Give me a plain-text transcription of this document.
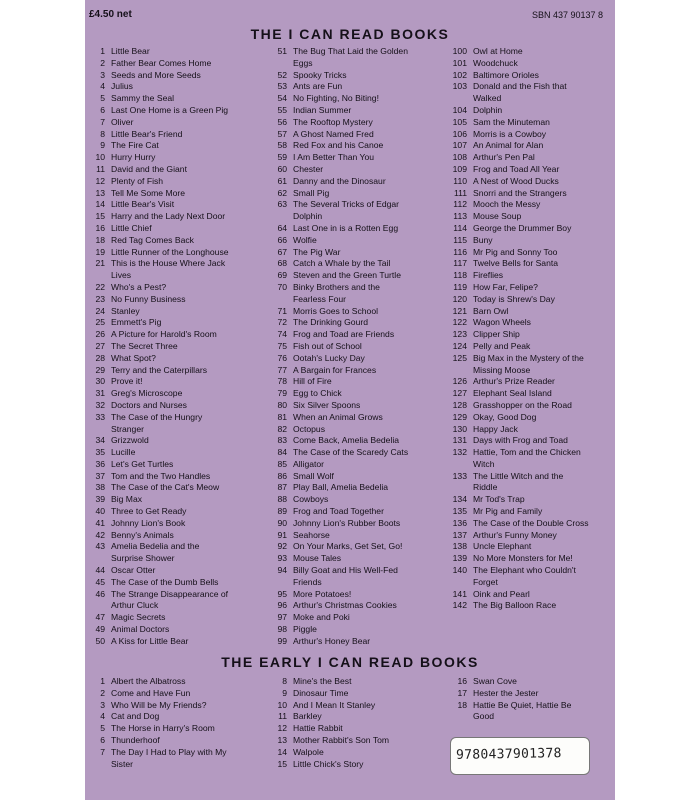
£4.50 net	SBN 437 90137 8
THE I CAN READ BOOKS
1 Little Bear
2 Father Bear Comes Home
3 Seeds and More Seeds
4 Julius
5 Sammy the Seal
6 Last One Home is a Green Pig
7 Oliver
8 Little Bear's Friend
9 The Fire Cat
10 Hurry Hurry
11 David and the Giant
12 Plenty of Fish
13 Tell Me Some More
14 Little Bear's Visit
15 Harry and the Lady Next Door
16 Little Chief
18 Red Tag Comes Back
19 Little Runner of the Longhouse
21 This is the House Where Jack
Lives
22 Who's a Pest?
23 No Funny Business
24 Stanley
25 Emmett's Pig
26 A Picture for Harold's Room
27 The Secret Three
28 What Spot?
29 Terry and the Caterpillars
30 Prove it!
31 Greg's Microscope
32 Doctors and Nurses
33 The Case of the Hungry
Stranger
34 Grizzwold
35 Lucille
36 Let's Get Turtles
37 Tom and the Two Handles
38 The Case of the Cat's Meow
39 Big Max
40 Three to Get Ready
41 Johnny Lion's Book
42 Benny's Animals
43 Amelia Bedelia and the
Surprise Shower
44 Oscar Otter
45 The Case of the Dumb Bells
46 The Strange Disappearance of
Arthur Cluck
47 Magic Secrets
49 Animal Doctors
50 A Kiss for Little Bear
51 The Bug That Laid the Golden
Eggs
52 Spooky Tricks
53 Ants are Fun
54 No Fighting, No Biting!
55 Indian Summer
56 The Rooftop Mystery
57 A Ghost Named Fred
58 Red Fox and his Canoe
59 I Am Better Than You
60 Chester
61 Danny and the Dinosaur
62 Small Pig
63 The Several Tricks of Edgar
Dolphin
64 Last One in is a Rotten Egg
66 Wolfie
67 The Pig War
68 Catch a Whale by the Tail
69 Steven and the Green Turtle
70 Binky Brothers and the
Fearless Four
71 Morris Goes to School
72 The Drinking Gourd
74 Frog and Toad are Friends
75 Fish out of School
76 Ootah's Lucky Day
77 A Bargain for Frances
78 Hill of Fire
79 Egg to Chick
80 Six Silver Spoons
81 When an Animal Grows
82 Octopus
83 Come Back, Amelia Bedelia
84 The Case of the Scaredy Cats
85 Alligator
86 Small Wolf
87 Play Ball, Amelia Bedelia
88 Cowboys
89 Frog and Toad Together
90 Johnny Lion's Rubber Boots
91 Seahorse
92 On Your Marks, Get Set, Go!
93 Mouse Tales
94 Billy Goat and His Well-Fed
Friends
95 More Potatoes!
96 Arthur's Christmas Cookies
97 Moke and Poki
98 Piggle
99 Arthur's Honey Bear
100 Owl at Home
101 Woodchuck
102 Baltimore Orioles
103 Donald and the Fish that
Walked
104 Dolphin
105 Sam the Minuteman
106 Morris is a Cowboy
107 An Animal for Alan
108 Arthur's Pen Pal
109 Frog and Toad All Year
110 A Nest of Wood Ducks
111 Snorri and the Strangers
112 Mooch the Messy
113 Mouse Soup
114 George the Drummer Boy
115 Buny
116 Mr Pig and Sonny Too
117 Twelve Bells for Santa
118 Fireflies
119 How Far, Felipe?
120 Today is Shrew's Day
121 Barn Owl
122 Wagon Wheels
123 Clipper Ship
124 Pelly and Peak
125 Big Max in the Mystery of the
Missing Moose
126 Arthur's Prize Reader
127 Elephant Seal Island
128 Grasshopper on the Road
129 Okay, Good Dog
130 Happy Jack
131 Days with Frog and Toad
132 Hattie, Tom and the Chicken
Witch
133 The Little Witch and the
Riddle
134 Mr Tod's Trap
135 Mr Pig and Family
136 The Case of the Double Cross
137 Arthur's Funny Money
138 Uncle Elephant
139 No More Monsters for Me!
140 The Elephant who Couldn't
Forget
141 Oink and Pearl
142 The Big Balloon Race
THE EARLY I CAN READ BOOKS
1 Albert the Albatross
2 Come and Have Fun
3 Who Will be My Friends?
4 Cat and Dog
5 The Horse in Harry's Room
6 Thunderhoof
7 The Day I Had to Play with My
Sister
8 Mine's the Best
9 Dinosaur Time
10 And I Mean It Stanley
11 Barkley
12 Hattie Rabbit
13 Mother Rabbit's Son Tom
14 Walpole
15 Little Chick's Story
16 Swan Cove
17 Hester the Jester
18 Hattie Be Quiet, Hattie Be
Good
9780437901378
